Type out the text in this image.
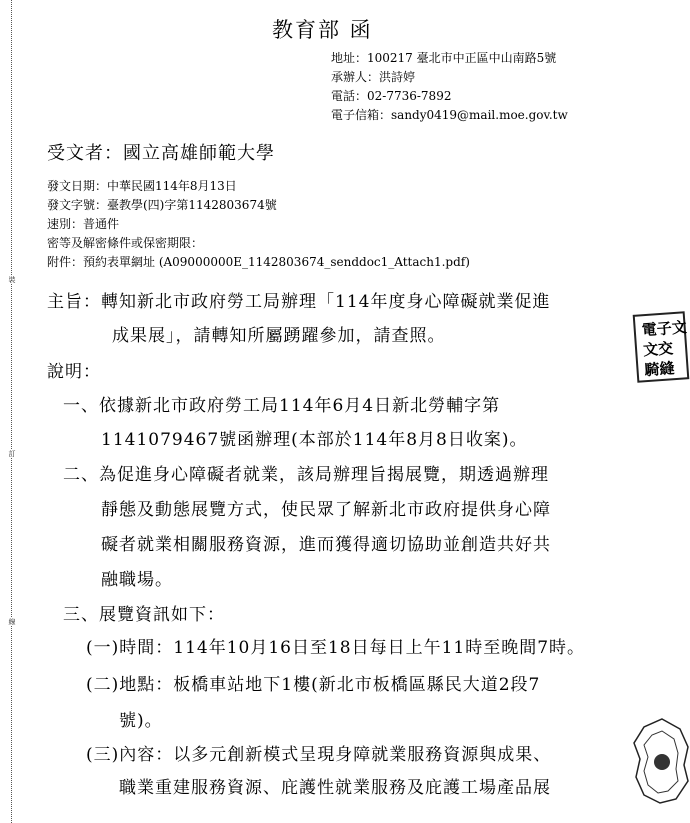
裝
訂
線
教育部 函
地址：100217 臺北市中正區中山南路5號
承辦人：洪詩婷
電話：02-7736-7892
電子信箱：sandy0419@mail.moe.gov.tw
受文者：國立高雄師範大學
發文日期：中華民國114年8月13日
發文字號：臺教學(四)字第1142803674號
速別：普通件
密等及解密條件或保密期限：
附件：預約表單網址 (A09000000E_1142803674_senddoc1_Attach1.pdf)
主旨：轉知新北市政府勞工局辦理「114年度身心障礙就業促進
成果展」，請轉知所屬踴躍參加，請查照。
說明：
一、依據新北市政府勞工局114年6月4日新北勞輔字第
1141079467號函辦理(本部於114年8月8日收案)。
二、為促進身心障礙者就業，該局辦理旨揭展覽，期透過辦理
靜態及動態展覽方式，使民眾了解新北市政府提供身心障
礙者就業相關服務資源，進而獲得適切協助並創造共好共
融職場。
三、展覽資訊如下：
(一)時間：114年10月16日至18日每日上午11時至晚間7時。
(二)地點：板橋車站地下1樓(新北市板橋區縣民大道2段7
號)。
(三)內容：以多元創新模式呈現身障就業服務資源與成果、
職業重建服務資源、庇護性就業服務及庇護工場產品展
電子文
文交
騎縫
